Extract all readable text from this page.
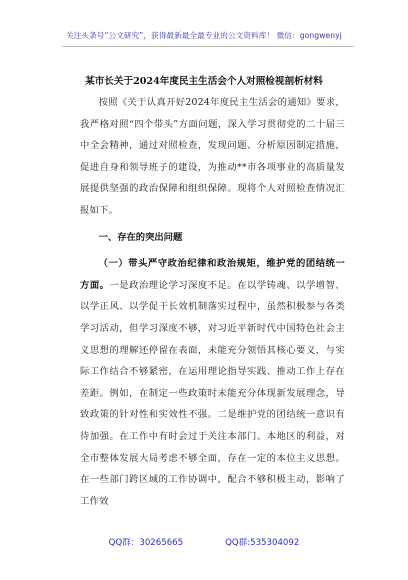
关注头条号“公文研究”，获得最新最全最专业的公文资料库！ 微信：gongwenyj
某市长关于2024年度民主生活会个人对照检视剖析材料

按照《关于认真开好2024年度民主生活会的通知》要求，我严格对照“四个带头”方面问题，深入学习贯彻党的二十届三中全会精神，通过对照检查，发现问题、分析原因制定措施，促进自身和领导班子的建设，为推动**市各项事业的高质量发展提供坚强的政治保障和组织保障。现将个人对照检查情况汇报如下。

一、存在的突出问题

（一）带头严守政治纪律和政治规矩，维护党的团结统一方面。一是政治理论学习深度不足。在以学铸魂、以学增智、以学正风、以学促干长效机制落实过程中，虽然积极参与各类学习活动，但学习深度不够，对习近平新时代中国特色社会主义思想的理解还停留在表面，未能充分领悟其核心要义，与实际工作结合不够紧密，在运用理论指导实践、推动工作上存在差距。例如，在制定一些政策时未能充分体现新发展理念，导致政策的针对性和实效性不强。二是维护党的团结统一意识有待加强。在工作中有时会过于关注本部门、本地区的利益，对全市整体发展大局考虑不够全面，存在一定的本位主义思想。在一些部门跨区域的工作协调中，配合不够积极主动，影响了工作效

QQ群：30265665	QQ群:535304092
